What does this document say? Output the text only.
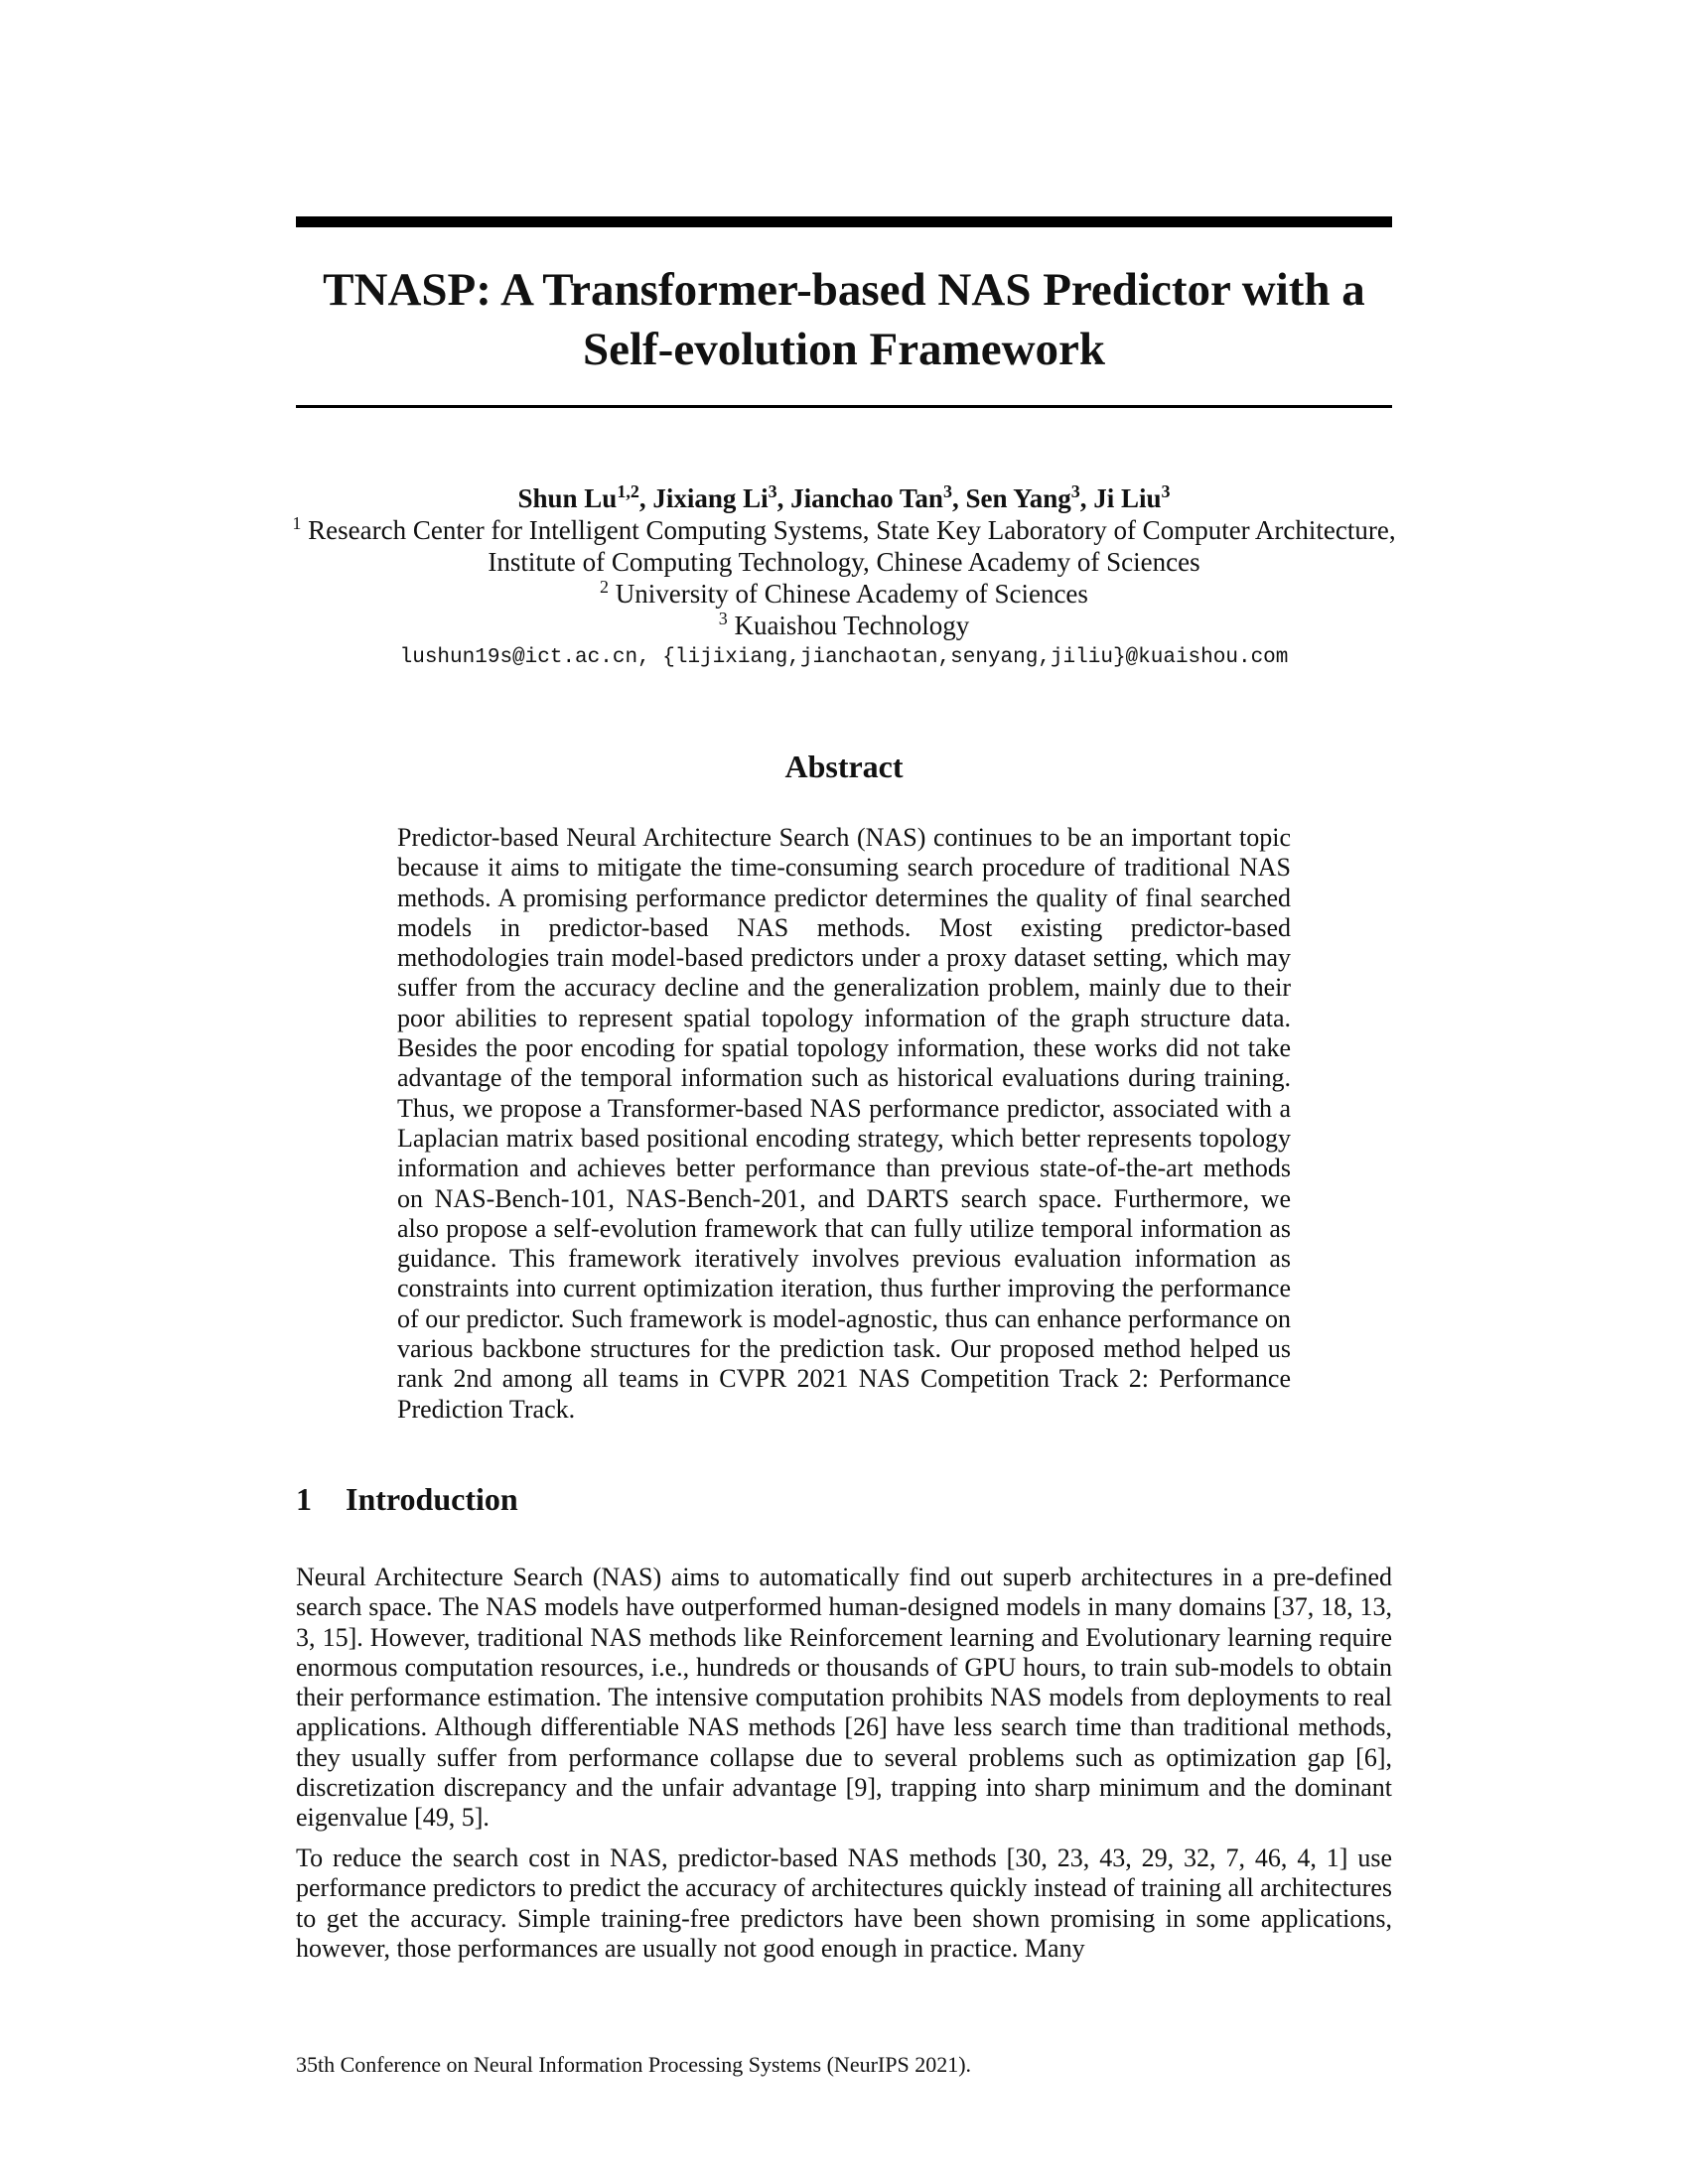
TNASP: A Transformer-based NAS Predictor with a
Self-evolution Framework
Shun Lu$^{1,2}$, Jixiang Li$^3$, Jianchao Tan$^3$, Sen Yang$^3$, Ji Liu$^3$
$^1$ Research Center for Intelligent Computing Systems, State Key Laboratory of Computer Architecture,
Institute of Computing Technology, Chinese Academy of Sciences
$^2$ University of Chinese Academy of Sciences
$^3$ Kuaishou Technology
lushun19s@ict.ac.cn, {lijixiang,jianchaotan,senyang,jiliu}@kuaishou.com
Abstract

Predictor-based Neural Architecture Search (NAS) continues to be an important topic because it aims to mitigate the time-consuming search procedure of traditional NAS methods. A promising performance predictor determines the quality of final searched models in predictor-based NAS methods. Most existing predictor-based methodologies train model-based predictors under a proxy dataset setting, which may suffer from the accuracy decline and the generalization problem, mainly due to their poor abilities to represent spatial topology information of the graph structure data. Besides the poor encoding for spatial topology information, these works did not take advantage of the temporal information such as historical evaluations during training. Thus, we propose a Transformer-based NAS performance predictor, associated with a Laplacian matrix based positional encoding strategy, which better represents topology information and achieves better performance than previous state-of-the-art methods on NAS-Bench-101, NAS-Bench-201, and DARTS search space. Furthermore, we also propose a self-evolution framework that can fully utilize temporal information as guidance. This framework iteratively involves previous evaluation information as constraints into current optimization iteration, thus further improving the performance of our predictor. Such framework is model-agnostic, thus can enhance performance on various backbone structures for the prediction task. Our proposed method helped us rank 2nd among all teams in CVPR 2021 NAS Competition Track 2: Performance Prediction Track.

1 Introduction

Neural Architecture Search (NAS) aims to automatically find out superb architectures in a pre-defined search space. The NAS models have outperformed human-designed models in many domains [37, 18, 13, 3, 15]. However, traditional NAS methods like Reinforcement learning and Evolutionary learning require enormous computation resources, i.e., hundreds or thousands of GPU hours, to train sub-models to obtain their performance estimation. The intensive computation prohibits NAS models from deployments to real applications. Although differentiable NAS methods [26] have less search time than traditional methods, they usually suffer from performance collapse due to several problems such as optimization gap [6], discretization discrepancy and the unfair advantage [9], trapping into sharp minimum and the dominant eigenvalue [49, 5].

To reduce the search cost in NAS, predictor-based NAS methods [30, 23, 43, 29, 32, 7, 46, 4, 1] use performance predictors to predict the accuracy of architectures quickly instead of training all architectures to get the accuracy. Simple training-free predictors have been shown promising in some applications, however, those performances are usually not good enough in practice. Many

35th Conference on Neural Information Processing Systems (NeurIPS 2021).
